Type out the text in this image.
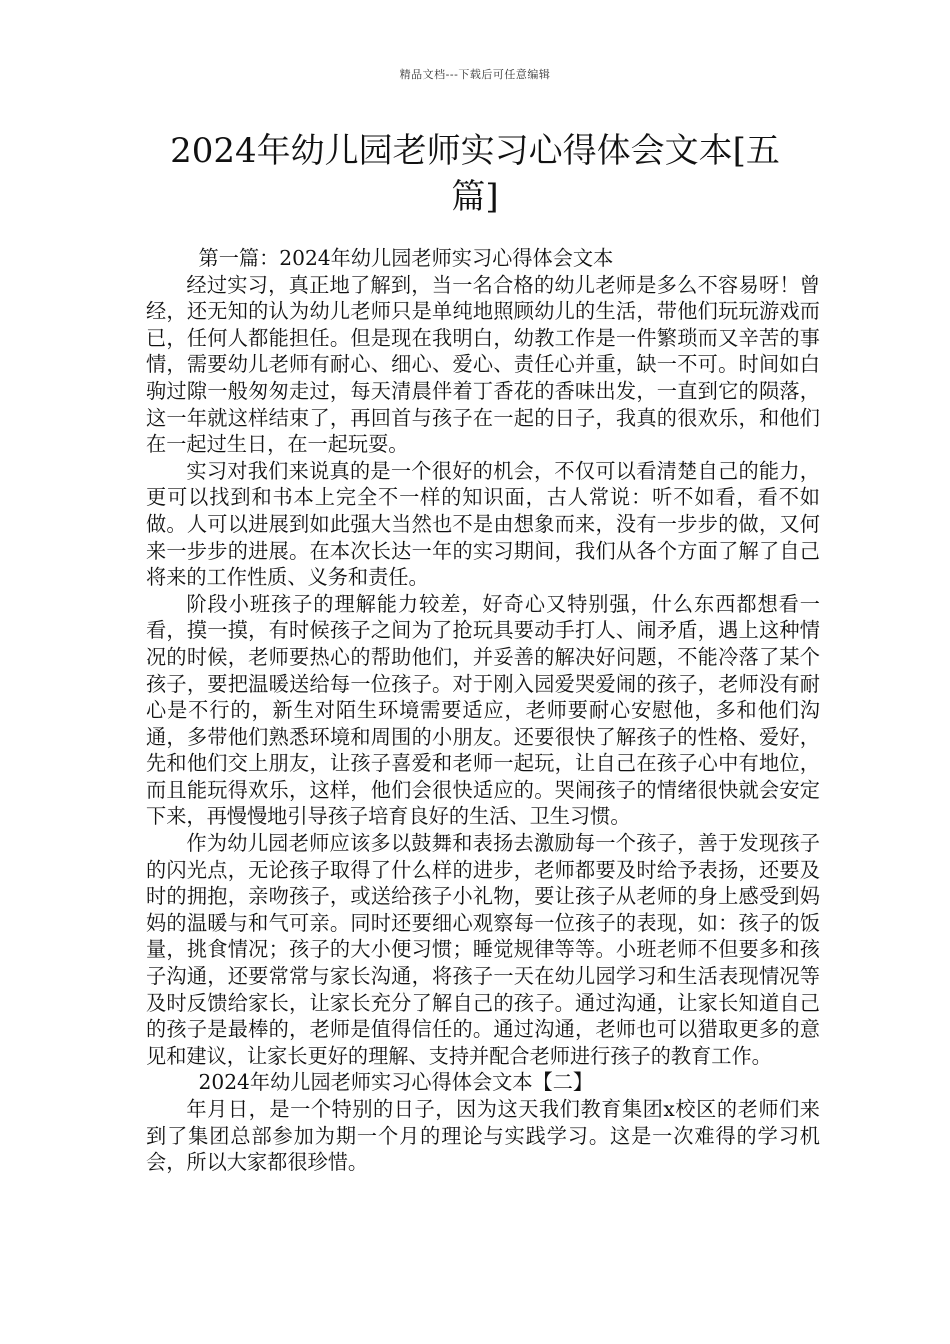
精品文档---下载后可任意编辑
2024年幼儿园老师实习心得体会文本[五篇]

第一篇：2024年幼儿园老师实习心得体会文本

经过实习，真正地了解到，当一名合格的幼儿老师是多么不容易呀！曾经，还无知的认为幼儿老师只是单纯地照顾幼儿的生活，带他们玩玩游戏而已，任何人都能担任。但是现在我明白，幼教工作是一件繁琐而又辛苦的事情，需要幼儿老师有耐心、细心、爱心、责任心并重，缺一不可。时间如白驹过隙一般匆匆走过，每天清晨伴着丁香花的香味出发，一直到它的陨落，这一年就这样结束了，再回首与孩子在一起的日子，我真的很欢乐，和他们在一起过生日，在一起玩耍。

实习对我们来说真的是一个很好的机会，不仅可以看清楚自己的能力，更可以找到和书本上完全不一样的知识面，古人常说：听不如看，看不如做。人可以进展到如此强大当然也不是由想象而来，没有一步步的做，又何来一步步的进展。在本次长达一年的实习期间，我们从各个方面了解了自己将来的工作性质、义务和责任。

阶段小班孩子的理解能力较差，好奇心又特别强，什么东西都想看一看，摸一摸，有时候孩子之间为了抢玩具要动手打人、闹矛盾，遇上这种情况的时候，老师要热心的帮助他们，并妥善的解决好问题，不能冷落了某个孩子，要把温暖送给每一位孩子。对于刚入园爱哭爱闹的孩子，老师没有耐心是不行的，新生对陌生环境需要适应，老师要耐心安慰他，多和他们沟通，多带他们熟悉环境和周围的小朋友。还要很快了解孩子的性格、爱好，先和他们交上朋友，让孩子喜爱和老师一起玩，让自己在孩子心中有地位，而且能玩得欢乐，这样，他们会很快适应的。哭闹孩子的情绪很快就会安定下来，再慢慢地引导孩子培育良好的生活、卫生习惯。

作为幼儿园老师应该多以鼓舞和表扬去激励每一个孩子，善于发现孩子的闪光点，无论孩子取得了什么样的进步，老师都要及时给予表扬，还要及时的拥抱，亲吻孩子，或送给孩子小礼物，要让孩子从老师的身上感受到妈妈的温暖与和气可亲。同时还要细心观察每一位孩子的表现，如：孩子的饭量，挑食情况；孩子的大小便习惯；睡觉规律等等。小班老师不但要多和孩子沟通，还要常常与家长沟通，将孩子一天在幼儿园学习和生活表现情况等及时反馈给家长，让家长充分了解自己的孩子。通过沟通，让家长知道自己的孩子是最棒的，老师是值得信任的。通过沟通，老师也可以猎取更多的意见和建议，让家长更好的理解、支持并配合老师进行孩子的教育工作。

2024年幼儿园老师实习心得体会文本【二】

年月日，是一个特别的日子，因为这天我们教育集团x校区的老师们来到了集团总部参加为期一个月的理论与实践学习。这是一次难得的学习机会，所以大家都很珍惜。
